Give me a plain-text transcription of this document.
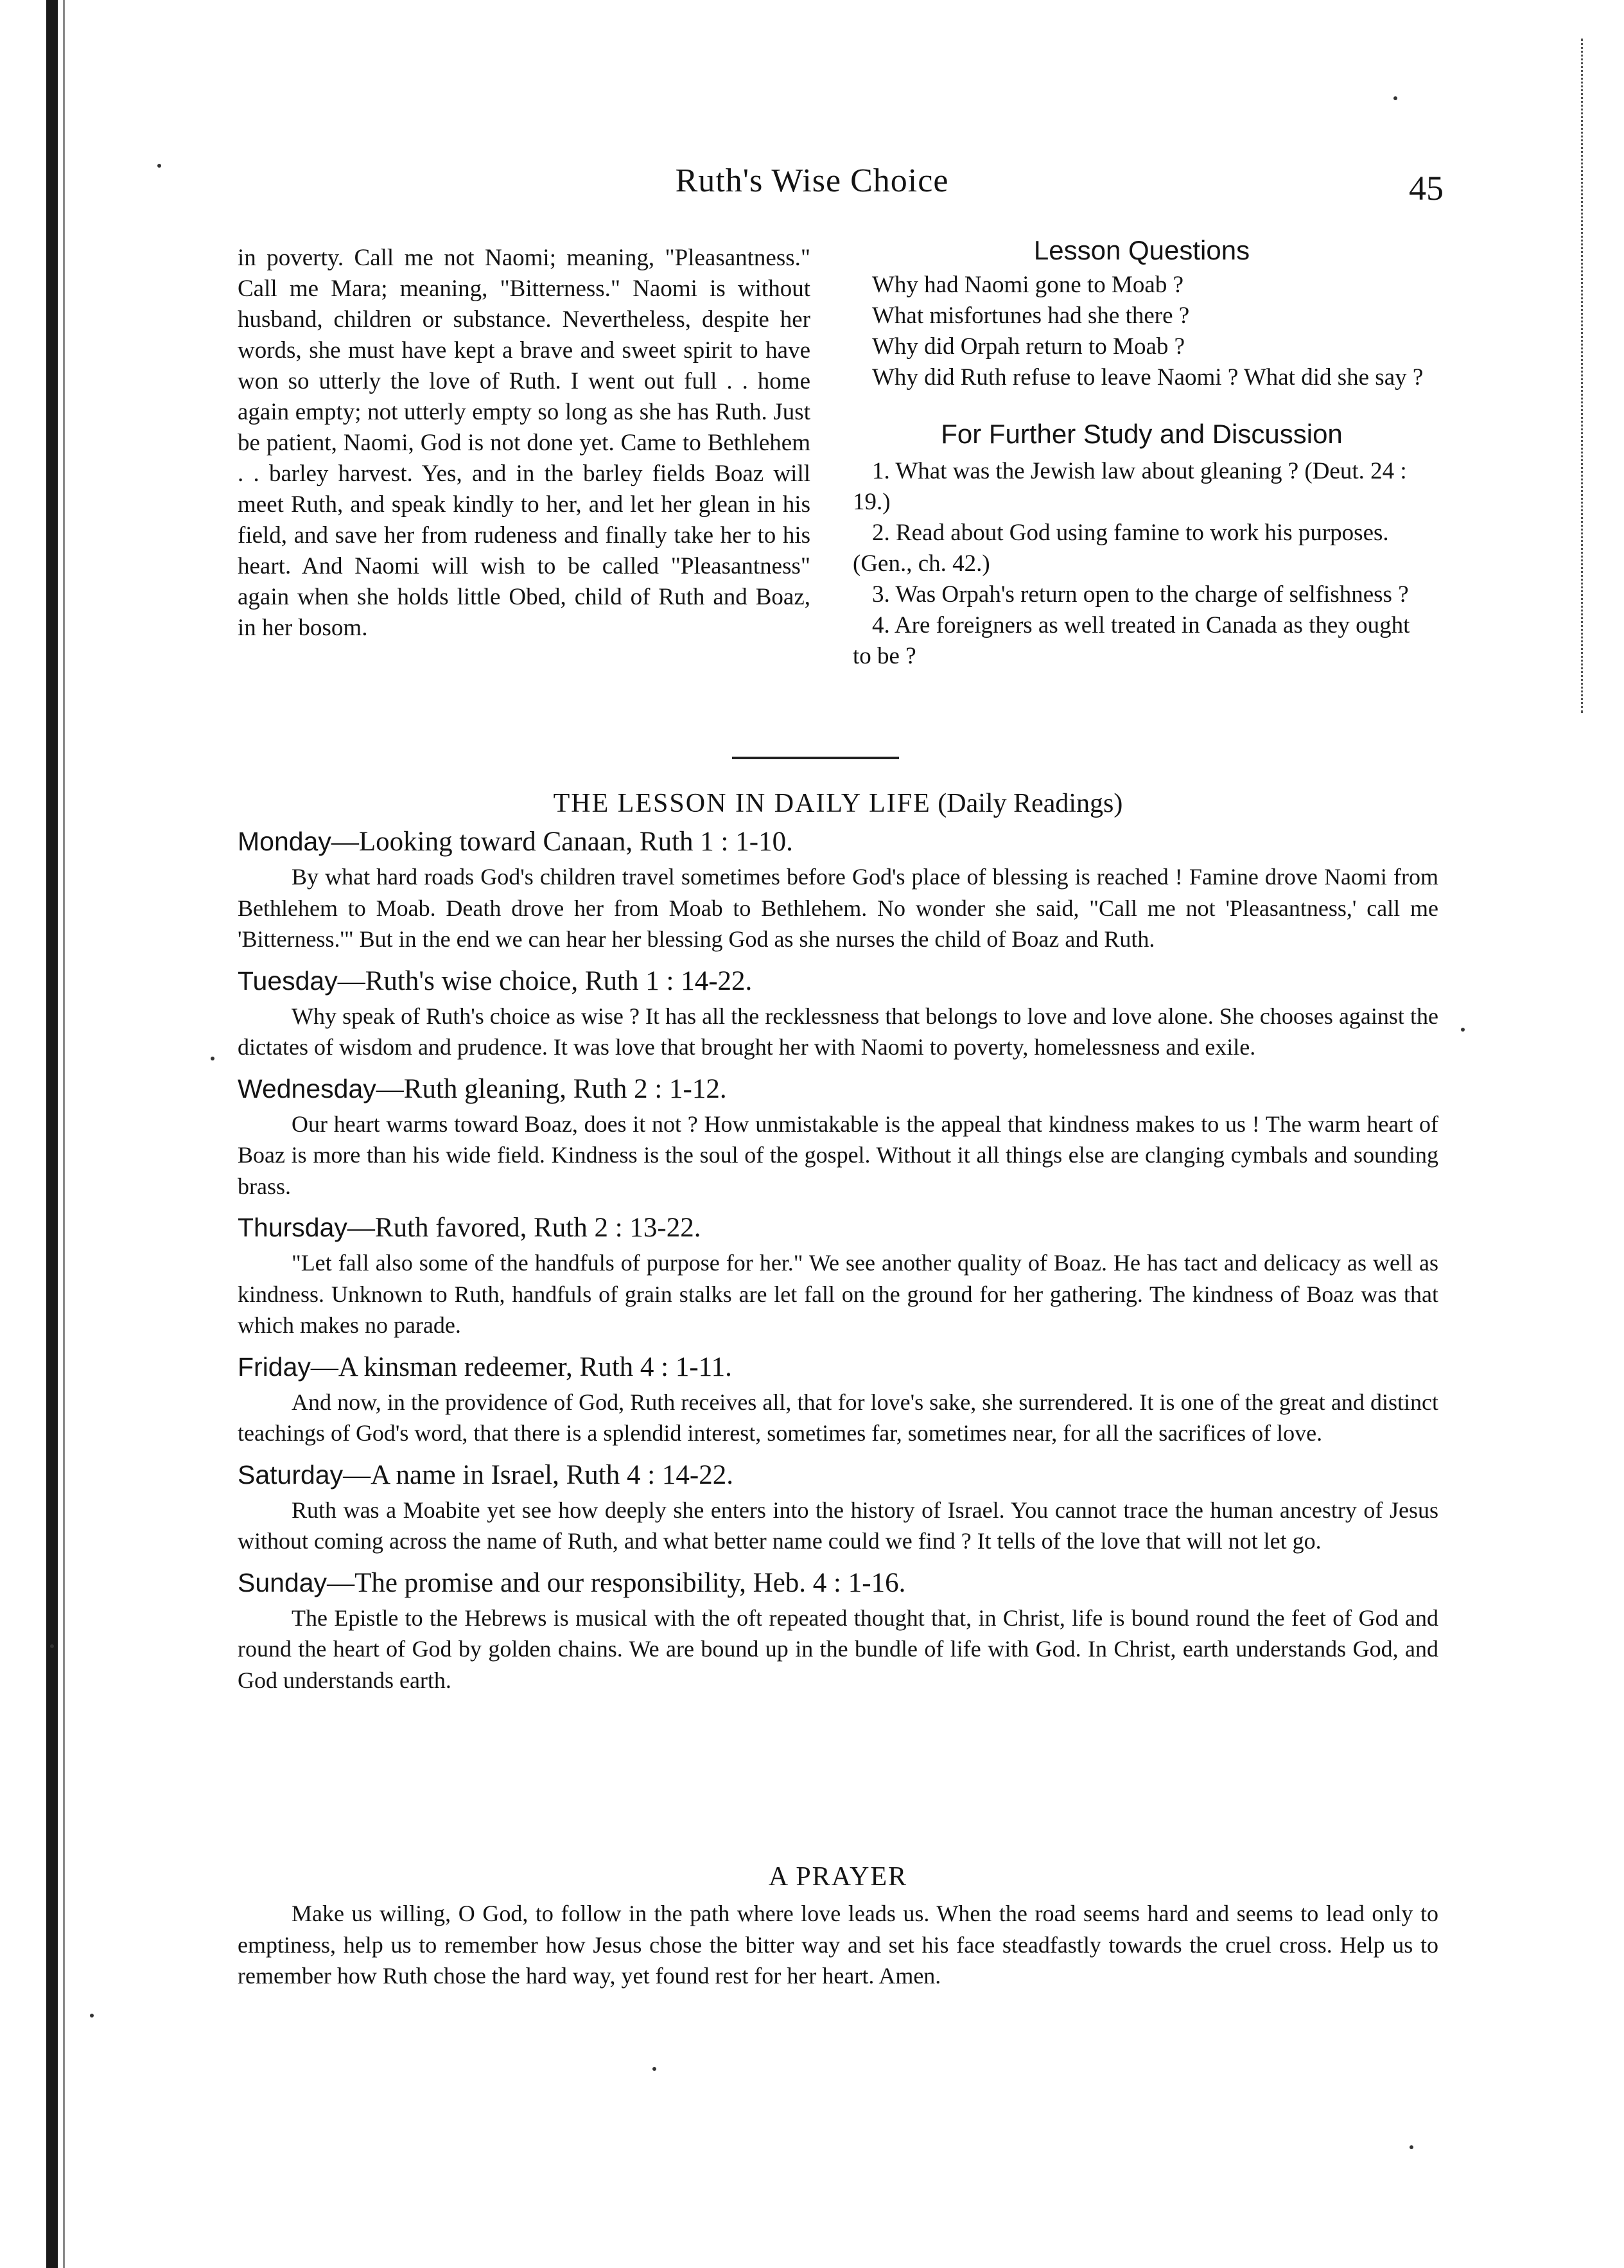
Ruth's Wise Choice	45

in poverty. Call me not Naomi; meaning, "Pleasantness." Call me Mara; meaning, "Bitterness." Naomi is without husband, children or substance. Nevertheless, despite her words, she must have kept a brave and sweet spirit to have won so utterly the love of Ruth. I went out full . . home again empty; not utterly empty so long as she has Ruth. Just be patient, Naomi, God is not done yet. Came to Bethlehem . . barley harvest. Yes, and in the barley fields Boaz will meet Ruth, and speak kindly to her, and let her glean in his field, and save her from rudeness and finally take her to his heart. And Naomi will wish to be called "Pleasantness" again when she holds little Obed, child of Ruth and Boaz, in her bosom.

Lesson Questions
Why had Naomi gone to Moab ?
What misfortunes had she there ?
Why did Orpah return to Moab ?
Why did Ruth refuse to leave Naomi ? What did she say ?
For Further Study and Discussion
1. What was the Jewish law about gleaning ? (Deut. 24 : 19.)
2. Read about God using famine to work his purposes. (Gen., ch. 42.)
3. Was Orpah's return open to the charge of selfishness ?
4. Are foreigners as well treated in Canada as they ought to be ?
THE LESSON IN DAILY LIFE (Daily Readings)
Monday—Looking toward Canaan, Ruth 1 : 1-10.

By what hard roads God's children travel sometimes before God's place of blessing is reached ! Famine drove Naomi from Bethlehem to Moab. Death drove her from Moab to Bethlehem. No wonder she said, "Call me not 'Pleasantness,' call me 'Bitterness.'" But in the end we can hear her blessing God as she nurses the child of Boaz and Ruth.

Tuesday—Ruth's wise choice, Ruth 1 : 14-22.

Why speak of Ruth's choice as wise ? It has all the recklessness that belongs to love and love alone. She chooses against the dictates of wisdom and prudence. It was love that brought her with Naomi to poverty, homelessness and exile.

Wednesday—Ruth gleaning, Ruth 2 : 1-12.

Our heart warms toward Boaz, does it not ? How unmistakable is the appeal that kindness makes to us ! The warm heart of Boaz is more than his wide field. Kindness is the soul of the gospel. Without it all things else are clanging cymbals and sounding brass.

Thursday—Ruth favored, Ruth 2 : 13-22.

"Let fall also some of the handfuls of purpose for her." We see another quality of Boaz. He has tact and delicacy as well as kindness. Unknown to Ruth, handfuls of grain stalks are let fall on the ground for her gathering. The kindness of Boaz was that which makes no parade.

Friday—A kinsman redeemer, Ruth 4 : 1-11.

And now, in the providence of God, Ruth receives all, that for love's sake, she surrendered. It is one of the great and distinct teachings of God's word, that there is a splendid interest, sometimes far, sometimes near, for all the sacrifices of love.

Saturday—A name in Israel, Ruth 4 : 14-22.

Ruth was a Moabite yet see how deeply she enters into the history of Israel. You cannot trace the human ancestry of Jesus without coming across the name of Ruth, and what better name could we find ? It tells of the love that will not let go.

Sunday—The promise and our responsibility, Heb. 4 : 1-16.

The Epistle to the Hebrews is musical with the oft repeated thought that, in Christ, life is bound round the feet of God and round the heart of God by golden chains. We are bound up in the bundle of life with God. In Christ, earth understands God, and God understands earth.

A PRAYER

Make us willing, O God, to follow in the path where love leads us. When the road seems hard and seems to lead only to emptiness, help us to remember how Jesus chose the bitter way and set his face steadfastly towards the cruel cross. Help us to remember how Ruth chose the hard way, yet found rest for her heart. Amen.
